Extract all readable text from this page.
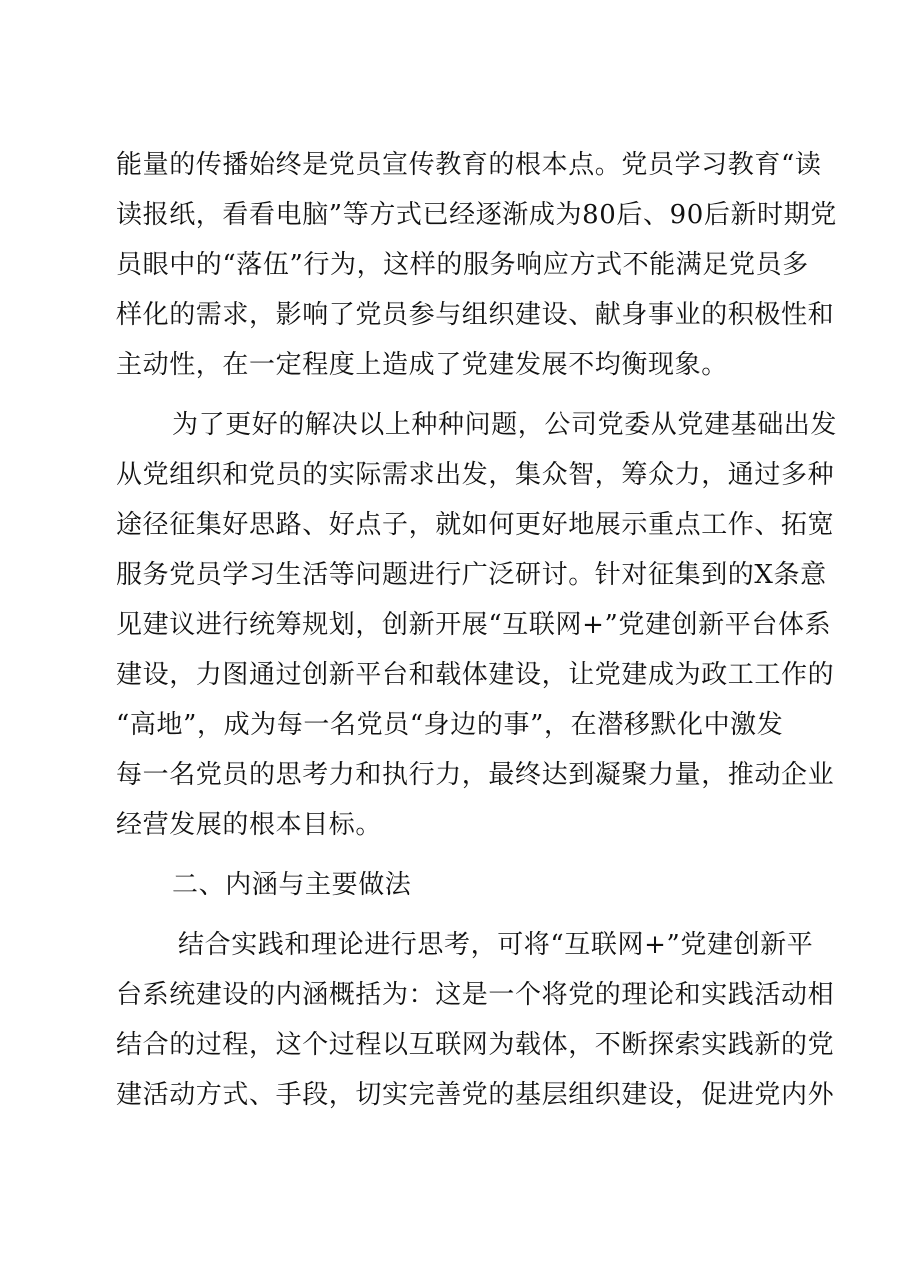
能量的传播始终是党员宣传教育的根本点。党员学习教育“读
读报纸，看看电脑”等方式已经逐渐成为80后、90后新时期党
员眼中的“落伍”行为，这样的服务响应方式不能满足党员多
样化的需求，影响了党员参与组织建设、献身事业的积极性和
主动性，在一定程度上造成了党建发展不均衡现象。
为了更好的解决以上种种问题，公司党委从党建基础出发
从党组织和党员的实际需求出发，集众智，筹众力，通过多种
途径征集好思路、好点子，就如何更好地展示重点工作、拓宽
服务党员学习生活等问题进行广泛研讨。针对征集到的X条意
见建议进行统筹规划，创新开展“互联网+”党建创新平台体系
建设，力图通过创新平台和载体建设，让党建成为政工工作的
“高地”，成为每一名党员“身边的事”，在潜移默化中激发
每一名党员的思考力和执行力，最终达到凝聚力量，推动企业
经营发展的根本目标。
二、内涵与主要做法
结合实践和理论进行思考，可将“互联网+”党建创新平
台系统建设的内涵概括为：这是一个将党的理论和实践活动相
结合的过程，这个过程以互联网为载体，不断探索实践新的党
建活动方式、手段，切实完善党的基层组织建设，促进党内外
